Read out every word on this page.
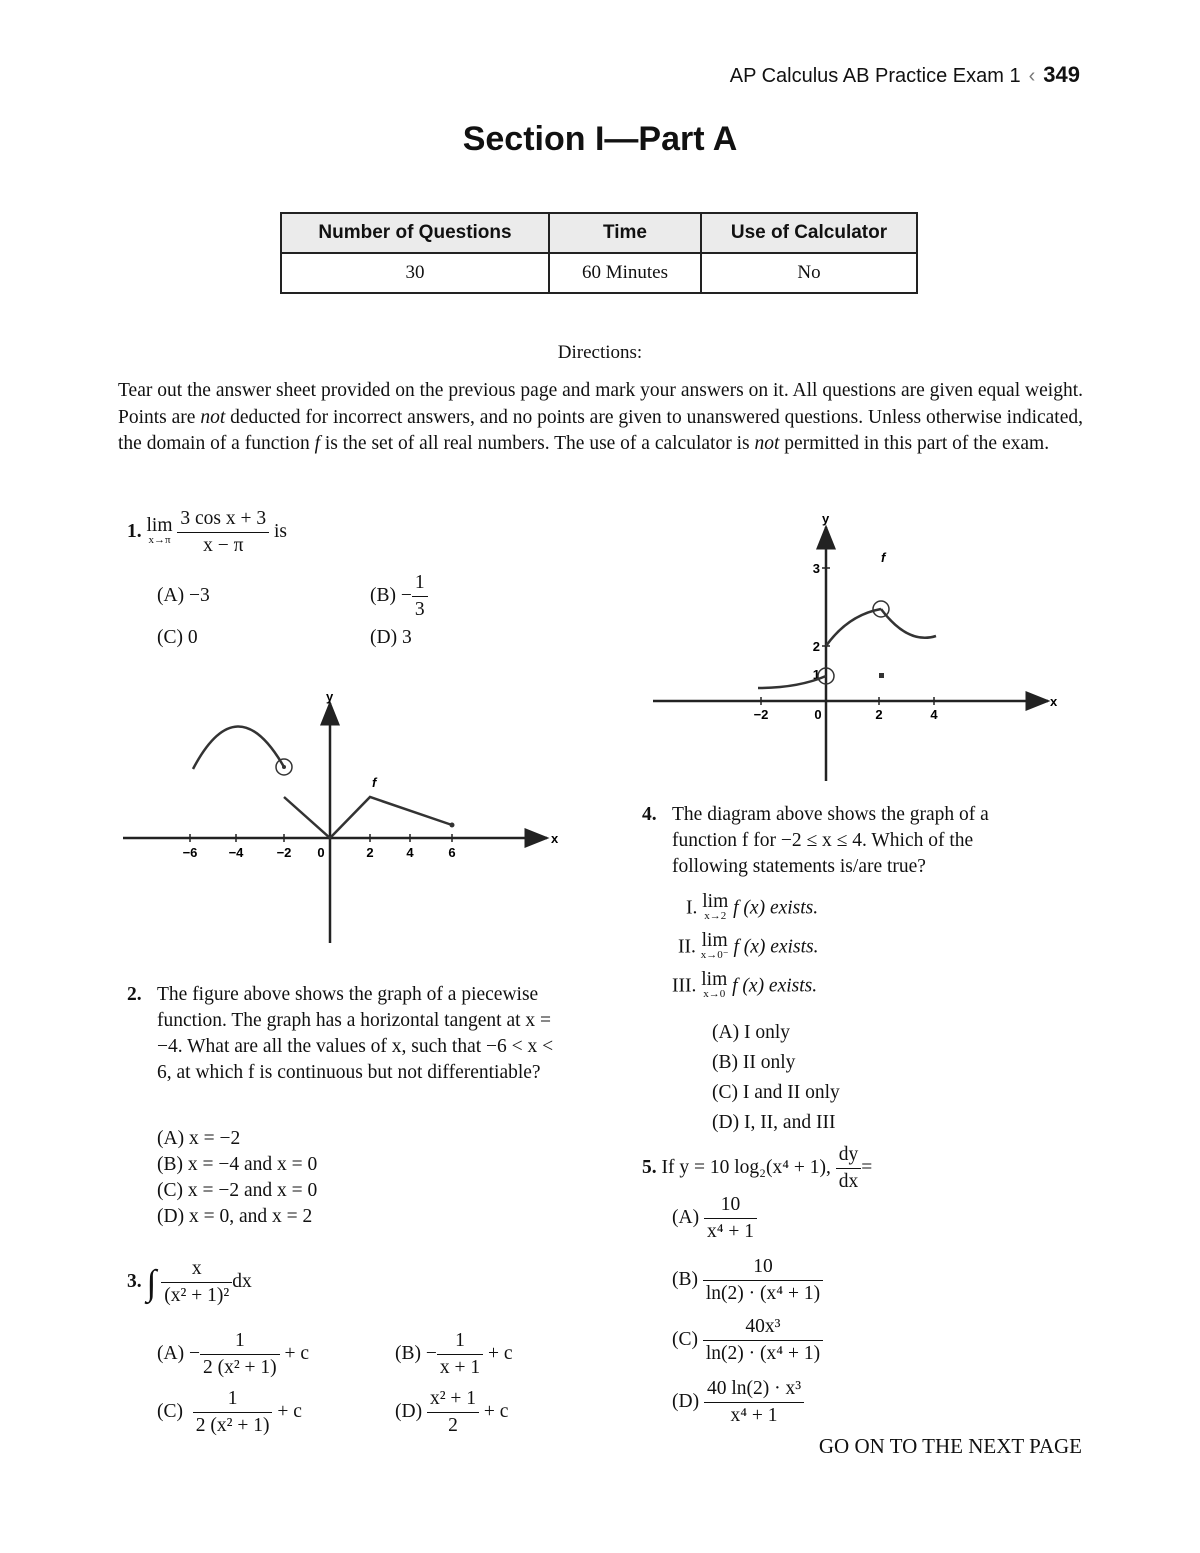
AP Calculus AB Practice Exam 1 ‹ 349
Section I—Part A
Number of Questions	Time	Use of Calculator
30	60 Minutes	No
Directions:
Tear out the answer sheet provided on the previous page and mark your answers on it. All questions are given equal weight. Points are not deducted for incorrect answers, and no points are given to unanswered questions. Unless otherwise indicated, the domain of a function f is the set of all real numbers. The use of a calculator is not permitted in this part of the exam.
1. lim
x→π
$\frac{\text{3 cos x + 3}}{x - \pi}$ is
(A) −3	$(B) - \frac{1}{3}$
(C) 0	(D) 3
x
y
−6 −4	−2 0	2	4	6
f
2. The figure above shows the graph of a piecewise function. The graph has a horizontal tangent at x = −4. What are all the values of x, such that −6 < x < 6, at which f is continuous but not differentiable?
(A) x = −2
(B) x = −4 and x = 0
(C) x = −2 and x = 0
(D) x = 0, and x = 2
3. ∫ $\frac{x}{\text{(x² + 1)²}}$ dx
$(A) - \frac{1}{\text{2 (x² + 1)}} + c$	$(B) - \frac{1}{x + 1} + c$
$(C) \frac{1}{\text{2 (x² + 1)}} + c$	$(D) \frac{\text{x² + 1}}{2} + c$
x
y
−2	0	2	4
3
2
1
f
4. The diagram above shows the graph of a function f for −2 ≤ x ≤ 4. Which of the following statements is/are true?
I. lim
x→2 f (x) exists.
II. lim
x→0⁻ f (x) exists.
III. lim
x→0 f (x) exists.
(A) I only
(B) II only
(C) I and II only
(D) I, II, and III
5. If y = 10 log₂(x⁴ + 1), $\frac{dy}{dx}$ =
$(A) \frac{10}{\text{x⁴ + 1}}$
$(B) \frac{10}{\text{ln(2) · (x⁴ + 1)}}$
$(C) \frac{\text{40x³}}{\text{ln(2) · (x⁴ + 1)}}$
$(D) \frac{\text{40 ln(2) · x³}}{\text{x⁴ + 1}}$
GO ON TO THE NEXT PAGE
